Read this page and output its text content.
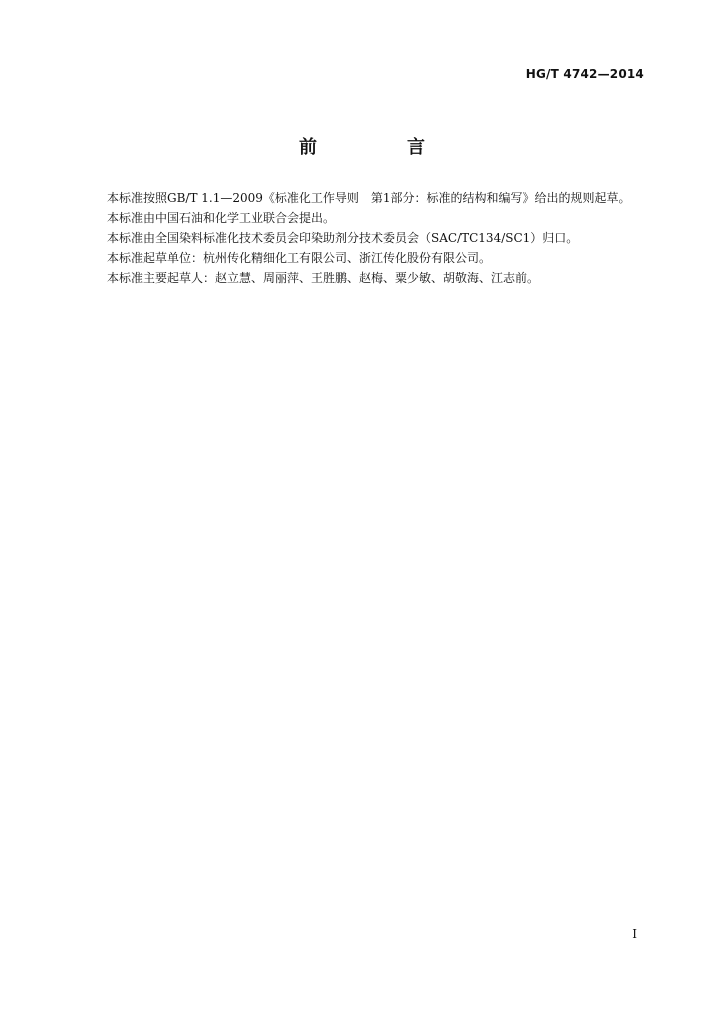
HG/T 4742—2014
前　言

本标准按照GB/T 1.1—2009《标准化工作导则　第1部分：标准的结构和编写》给出的规则起草。

本标准由中国石油和化学工业联合会提出。

本标准由全国染料标准化技术委员会印染助剂分技术委员会（SAC/TC134/SC1）归口。

本标准起草单位：杭州传化精细化工有限公司、浙江传化股份有限公司。

本标准主要起草人：赵立慧、周丽萍、王胜鹏、赵梅、粟少敏、胡敬海、江志前。

I
